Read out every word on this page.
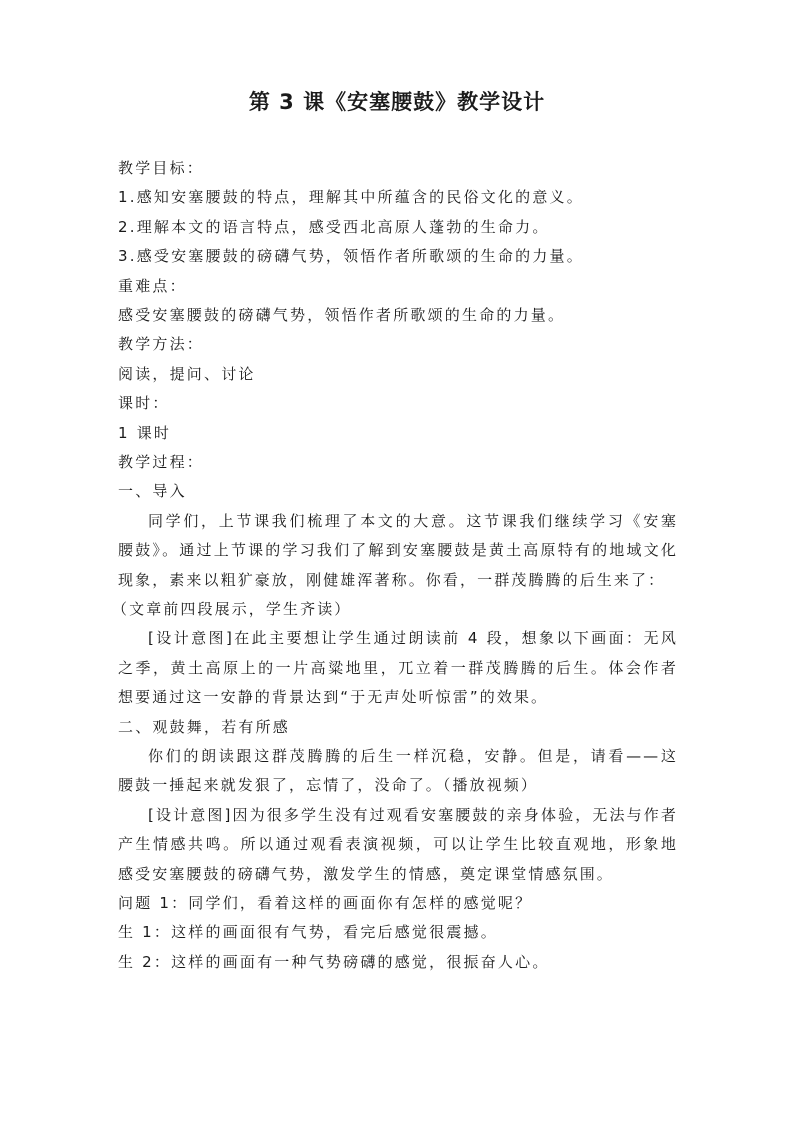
第 3 课《安塞腰鼓》教学设计

教学目标：

1.感知安塞腰鼓的特点，理解其中所蕴含的民俗文化的意义。

2.理解本文的语言特点，感受西北高原人蓬勃的生命力。

3.感受安塞腰鼓的磅礴气势，领悟作者所歌颂的生命的力量。

重难点：

感受安塞腰鼓的磅礴气势，领悟作者所歌颂的生命的力量。

教学方法：

阅读，提问、讨论

课时：

1 课时

教学过程：

一、导入

同学们，上节课我们梳理了本文的大意。这节课我们继续学习《安塞腰鼓》。通过上节课的学习我们了解到安塞腰鼓是黄土高原特有的地域文化现象，素来以粗犷豪放，刚健雄浑著称。你看，一群茂腾腾的后生来了：

（文章前四段展示，学生齐读）

[设计意图]在此主要想让学生通过朗读前 4 段，想象以下画面：无风之季，黄土高原上的一片高粱地里，兀立着一群茂腾腾的后生。体会作者想要通过这一安静的背景达到“于无声处听惊雷”的效果。

二、观鼓舞，若有所感

你们的朗读跟这群茂腾腾的后生一样沉稳，安静。但是，请看——这腰鼓一捶起来就发狠了，忘情了，没命了。（播放视频）

[设计意图]因为很多学生没有过观看安塞腰鼓的亲身体验，无法与作者产生情感共鸣。所以通过观看表演视频，可以让学生比较直观地，形象地感受安塞腰鼓的磅礴气势，激发学生的情感，奠定课堂情感氛围。

问题 1：同学们，看着这样的画面你有怎样的感觉呢？

生 1：这样的画面很有气势，看完后感觉很震撼。

生 2：这样的画面有一种气势磅礴的感觉，很振奋人心。
